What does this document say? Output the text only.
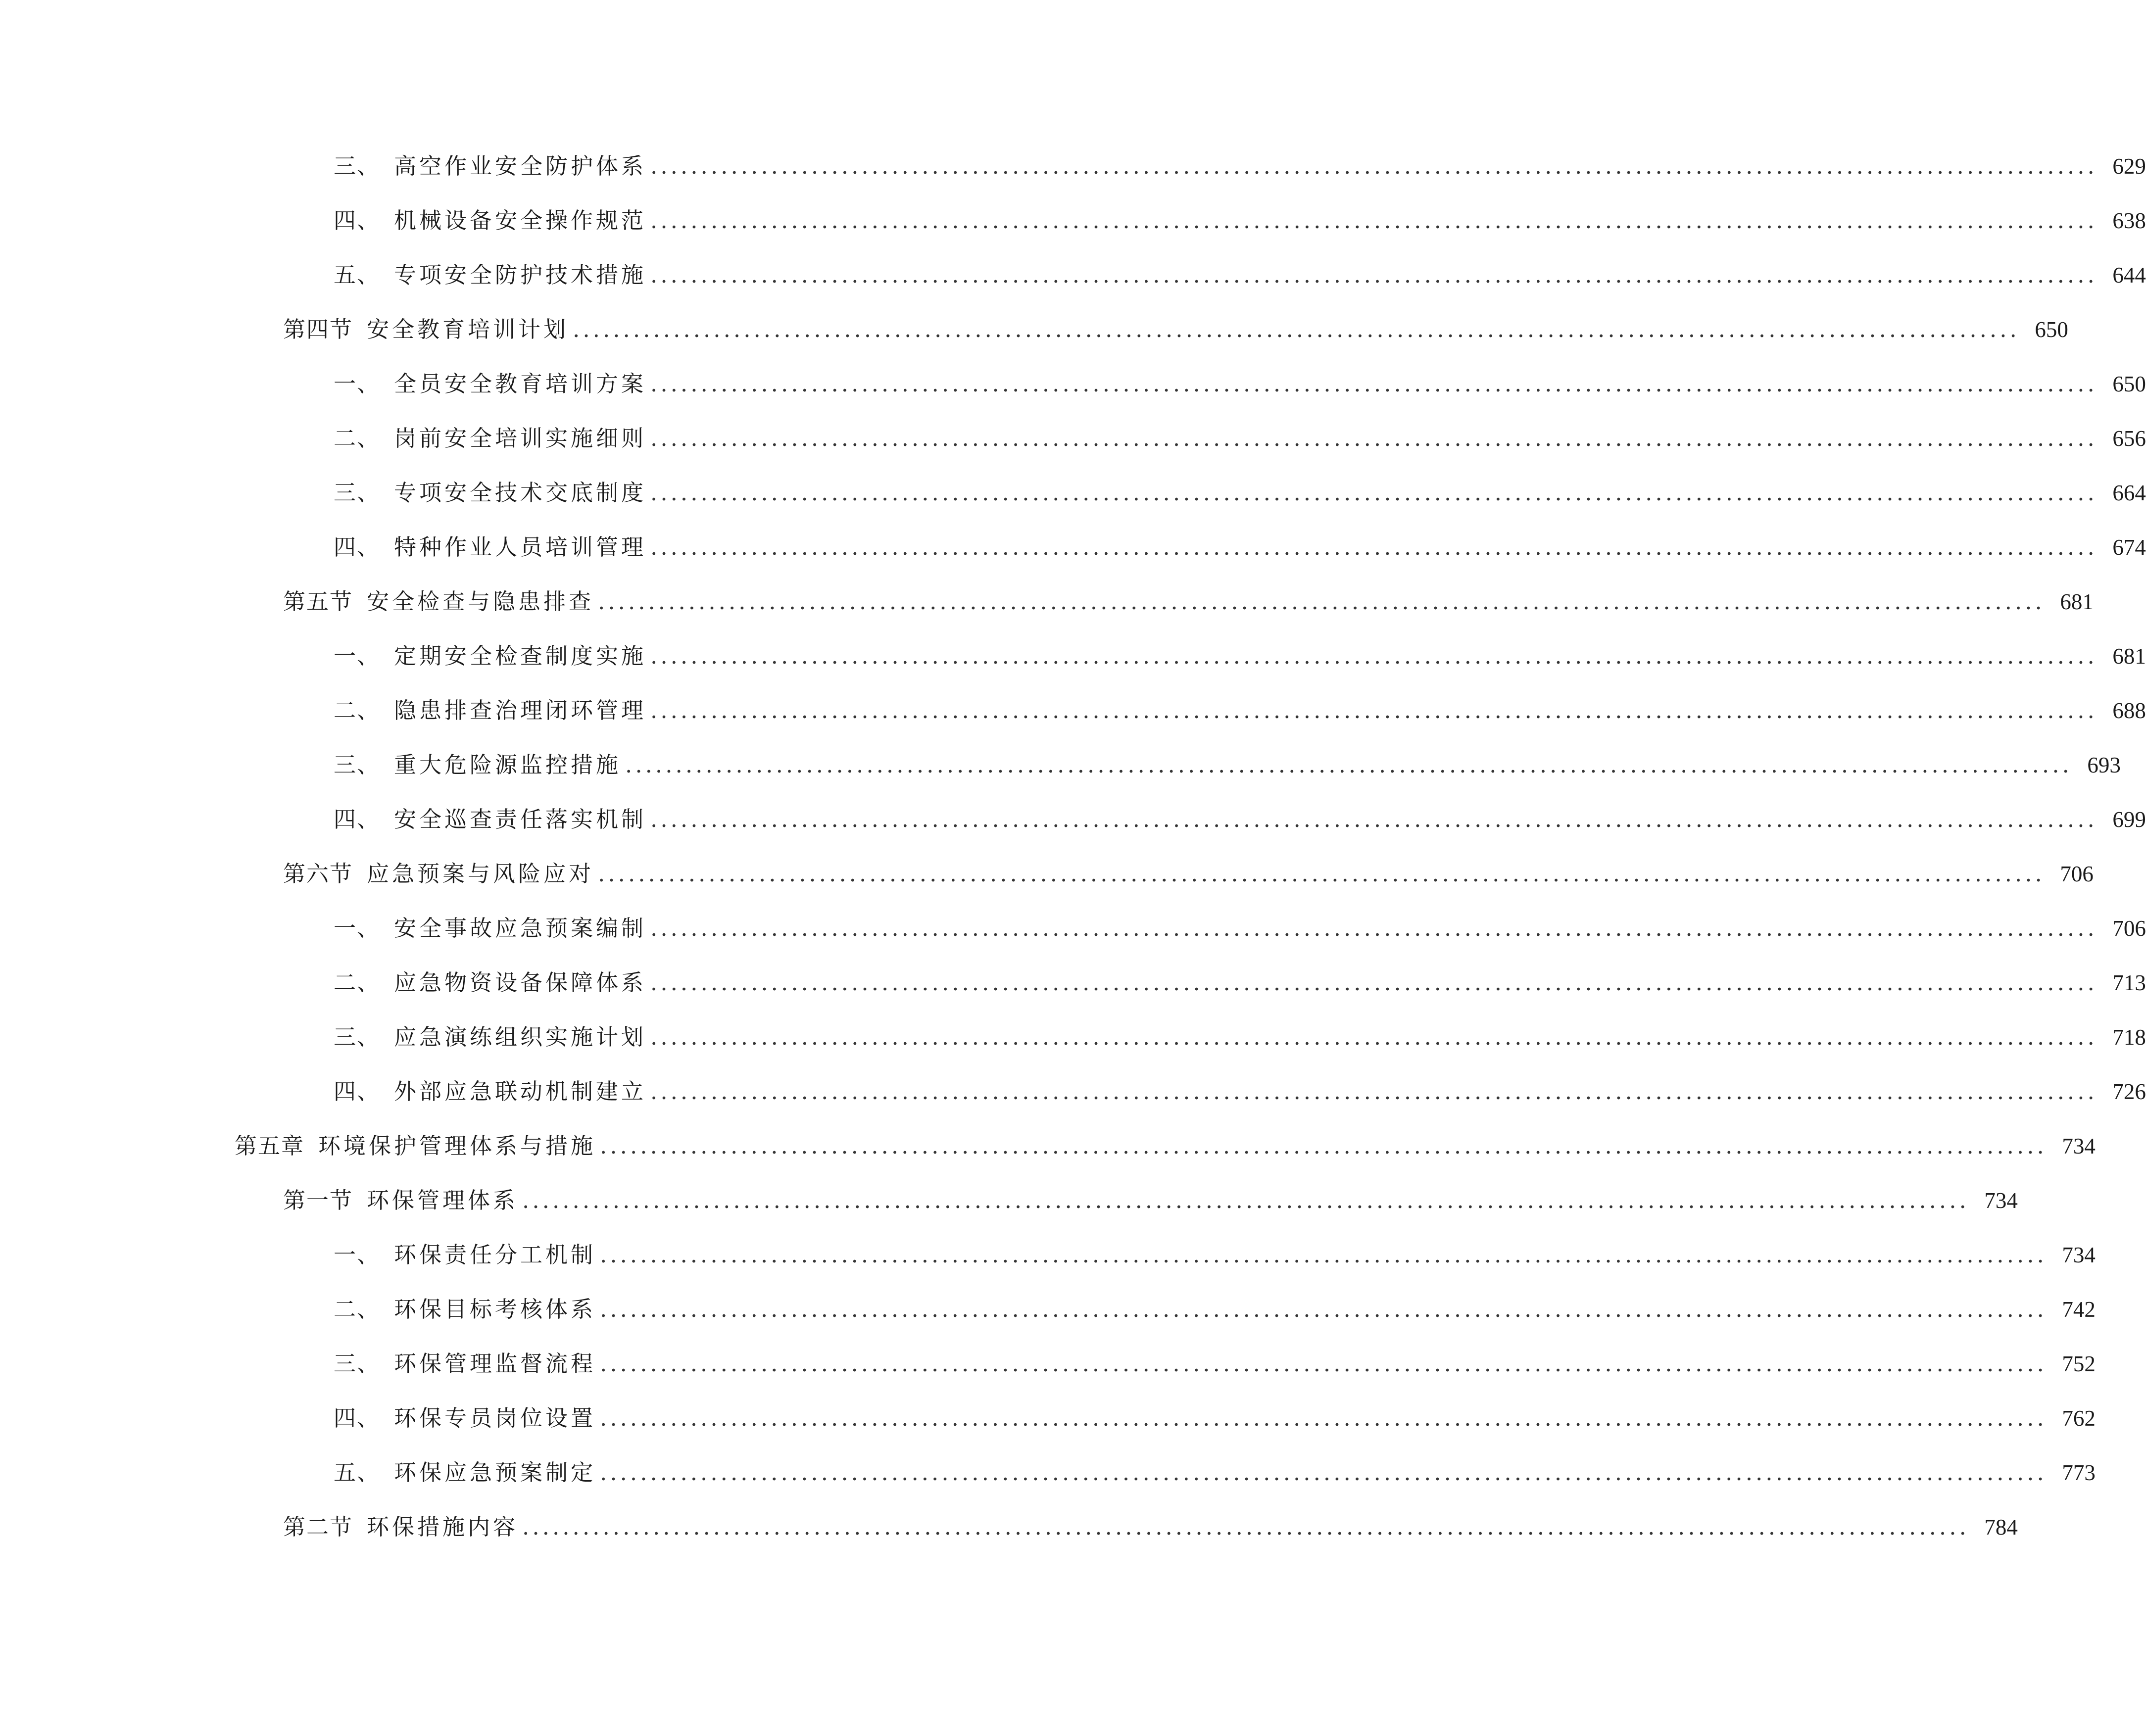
三、 高空作业安全防护体系 ................................................................................................................................................ 629
四、 机械设备安全操作规范 ................................................................................................................................................ 638
五、 专项安全防护技术措施 ................................................................................................................................................ 644
第四节 安全教育培训计划 ................................................................................................................................................ 650
一、 全员安全教育培训方案 ................................................................................................................................................ 650
二、 岗前安全培训实施细则 ................................................................................................................................................ 656
三、 专项安全技术交底制度 ................................................................................................................................................ 664
四、 特种作业人员培训管理 ................................................................................................................................................ 674
第五节 安全检查与隐患排查 ................................................................................................................................................ 681
一、 定期安全检查制度实施 ................................................................................................................................................ 681
二、 隐患排查治理闭环管理 ................................................................................................................................................ 688
三、 重大危险源监控措施 ................................................................................................................................................ 693
四、 安全巡查责任落实机制 ................................................................................................................................................ 699
第六节 应急预案与风险应对 ................................................................................................................................................ 706
一、 安全事故应急预案编制 ................................................................................................................................................ 706
二、 应急物资设备保障体系 ................................................................................................................................................ 713
三、 应急演练组织实施计划 ................................................................................................................................................ 718
四、 外部应急联动机制建立 ................................................................................................................................................ 726
第五章 环境保护管理体系与措施 ................................................................................................................................................ 734
第一节 环保管理体系 ................................................................................................................................................ 734
一、 环保责任分工机制 ................................................................................................................................................ 734
二、 环保目标考核体系 ................................................................................................................................................ 742
三、 环保管理监督流程 ................................................................................................................................................ 752
四、 环保专员岗位设置 ................................................................................................................................................ 762
五、 环保应急预案制定 ................................................................................................................................................ 773
第二节 环保措施内容 ................................................................................................................................................ 784
